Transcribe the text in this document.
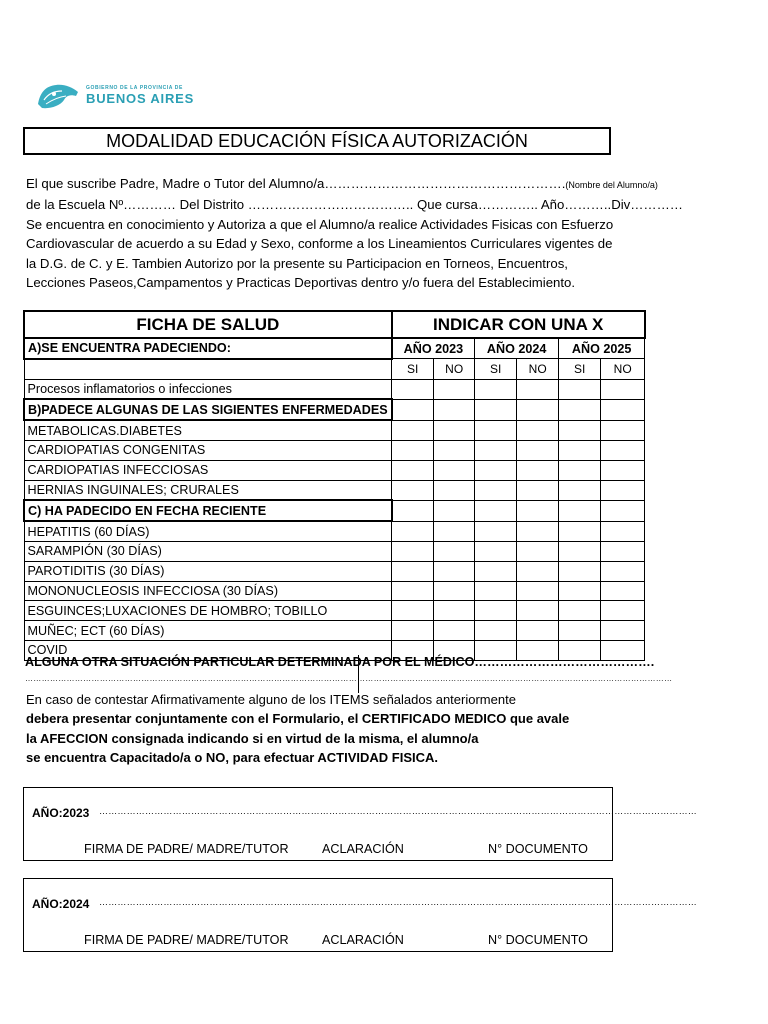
GOBIERNO DE LA PROVINCIA DE
BUENOS AIRES
MODALIDAD EDUCACIÓN FÍSICA AUTORIZACIÓN
El que suscribe Padre, Madre o Tutor del Alumno/a……………………………………………….(Nombre del Alumno/a)
de la Escuela Nº………… Del Distrito ……………………………….. Que cursa………….. Año………..Div…………
Se encuentra en conocimiento y Autoriza a que el Alumno/a realice Actividades Fisicas con Esfuerzo
Cardiovascular de acuerdo a su Edad y Sexo, conforme a los Lineamientos Curriculares vigentes de
la D.G. de C. y E. Tambien Autorizo por la presente su Participacion en Torneos, Encuentros,
Lecciones Paseos,Campamentos y Practicas Deportivas dentro y/o fuera del Establecimiento.
FICHA DE SALUD	INDICAR CON UNA X					
A)SE ENCUENTRA PADECIENDO:	AÑO 2023		AÑO 2024		AÑO 2025	
	SI	NO	SI	NO	SI	NO
Procesos inflamatorios o infecciones						
B)PADECE ALGUNAS DE LAS SIGIENTES ENFERMEDADES						
METABOLICAS.DIABETES						
CARDIOPATIAS CONGENITAS						
CARDIOPATIAS INFECCIOSAS						
HERNIAS INGUINALES; CRURALES						
C) HA PADECIDO EN FECHA RECIENTE						
HEPATITIS (60 DÍAS)						
SARAMPIÓN (30 DÍAS)						
PAROTIDITIS (30 DÍAS)						
MONONUCLEOSIS INFECCIOSA (30 DÍAS)						
ESGUINCES;LUXACIONES DE HOMBRO; TOBILLO						
MUÑEC; ECT (60 DÍAS)						
COVID						
ALGUNA OTRA SITUACIÓN PARTICULAR DETERMINADA POR EL MÉDICO…………………………………….
………………………………………………………………………………………………………………………………………………………………………………………………………………
En caso de contestar Afirmativamente alguno de los ITEMS señalados anteriormente
debera presentar conjuntamente con el Formulario, el CERTIFICADO MEDICO que avale
la AFECCION consignada indicando si en virtud de la misma, el alumno/a
se encuentra Capacitado/a o NO, para efectuar ACTIVIDAD FISICA.
AÑO:2023 ……………………………………………………………………………………………………………………………………………………………………………
FIRMA DE PADRE/ MADRE/TUTOR	ACLARACIÓN	N° DOCUMENTO
AÑO:2024 ……………………………………………………………………………………………………………………………………………………………………………
FIRMA DE PADRE/ MADRE/TUTOR	ACLARACIÓN	N° DOCUMENTO
